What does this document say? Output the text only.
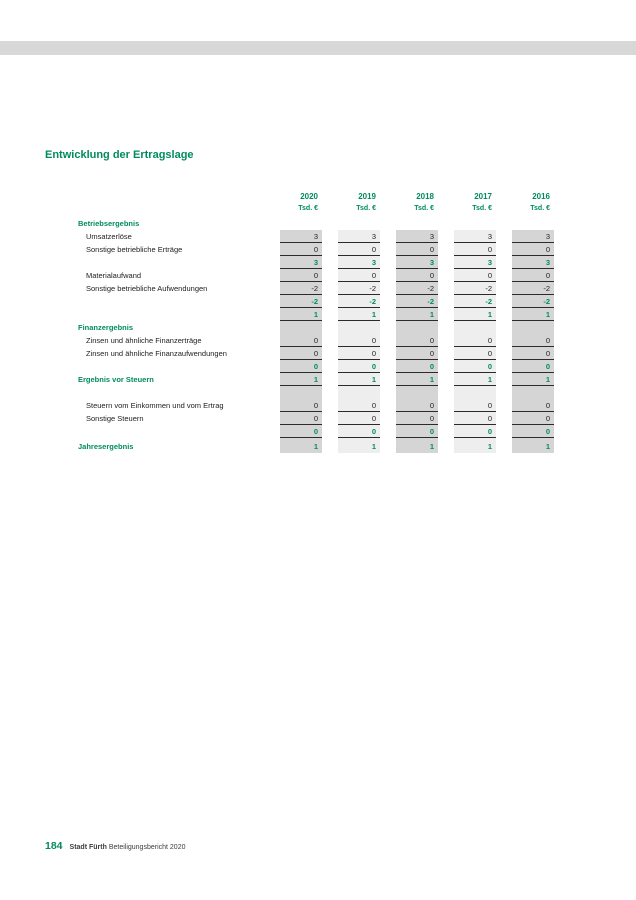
Entwicklung der Ertragslage
2020	2019	2018	2017	2016
Tsd. €	Tsd. €	Tsd. €	Tsd. €	Tsd. €
Betriebsergebnis
Umsatzerlöse	3	3	3	3	3
Sonstige betriebliche Erträge	0	0	0	0	0
3	3	3	3	3
Materialaufwand	0	0	0	0	0
Sonstige betriebliche Aufwendungen	-2	-2	-2	-2	-2
-2	-2	-2	-2	-2
1	1	1	1	1
Finanzergebnis
Zinsen und ähnliche Finanzerträge	0	0	0	0	0
Zinsen und ähnliche Finanzaufwendungen	0	0	0	0	0
0	0	0	0	0
Ergebnis vor Steuern	1	1	1	1	1
Steuern vom Einkommen und vom Ertrag	0	0	0	0	0
Sonstige Steuern	0	0	0	0	0
0	0	0	0	0
Jahresergebnis	1	1	1	1	1
184 Stadt Fürth Beteiligungsbericht 2020
